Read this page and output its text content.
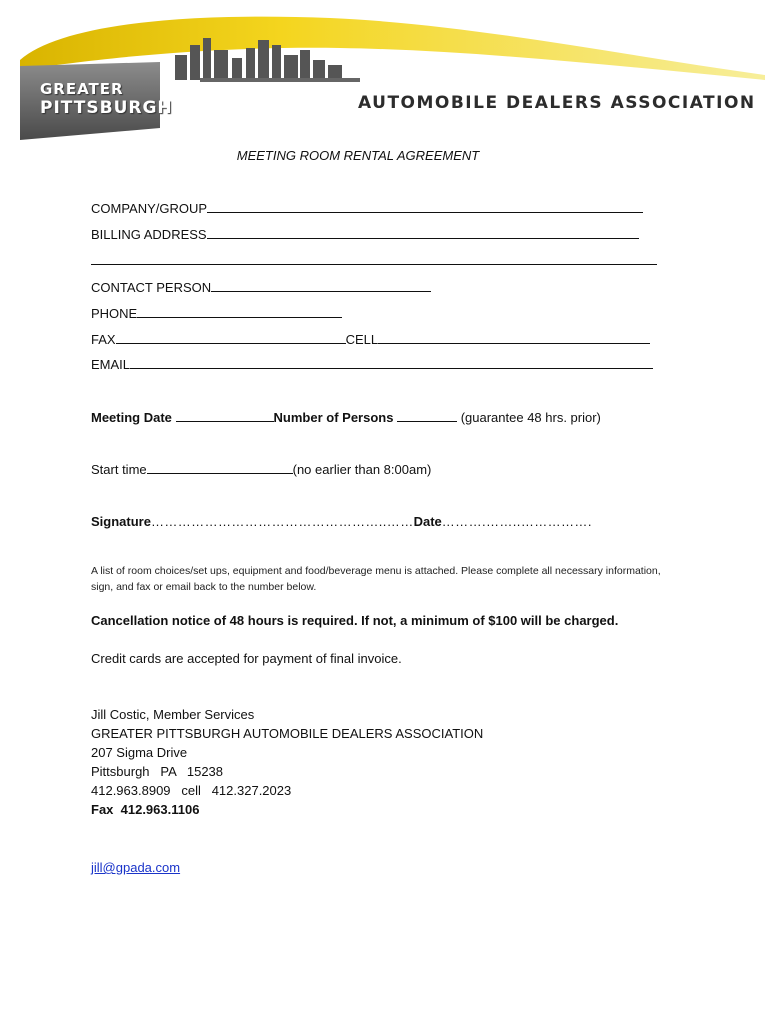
GREATER
PITTSBURGH	AUTOMOBILE DEALERS ASSOCIATION
MEETING ROOM RENTAL AGREEMENT
COMPANY/GROUP
BILLING ADDRESS
CONTACT PERSON
PHONE
FAX	CELL
EMAIL
Meeting Date	Number of Persons	(guarantee 48 hrs. prior)
Start time	(no earlier than 8:00am)
Signature……………………………………………..……Date……….……..…………….
A list of room choices/set ups, equipment and food/beverage menu is attached. Please complete all necessary information, sign, and fax or email back to the number below.
Cancellation notice of 48 hours is required. If not, a minimum of $100 will be charged.
Credit cards are accepted for payment of final invoice.
Jill Costic, Member Services
GREATER PITTSBURGH AUTOMOBILE DEALERS ASSOCIATION
207 Sigma Drive
Pittsburgh   PA   15238
412.963.8909   cell   412.327.2023
Fax  412.963.1106
jill@gpada.com
